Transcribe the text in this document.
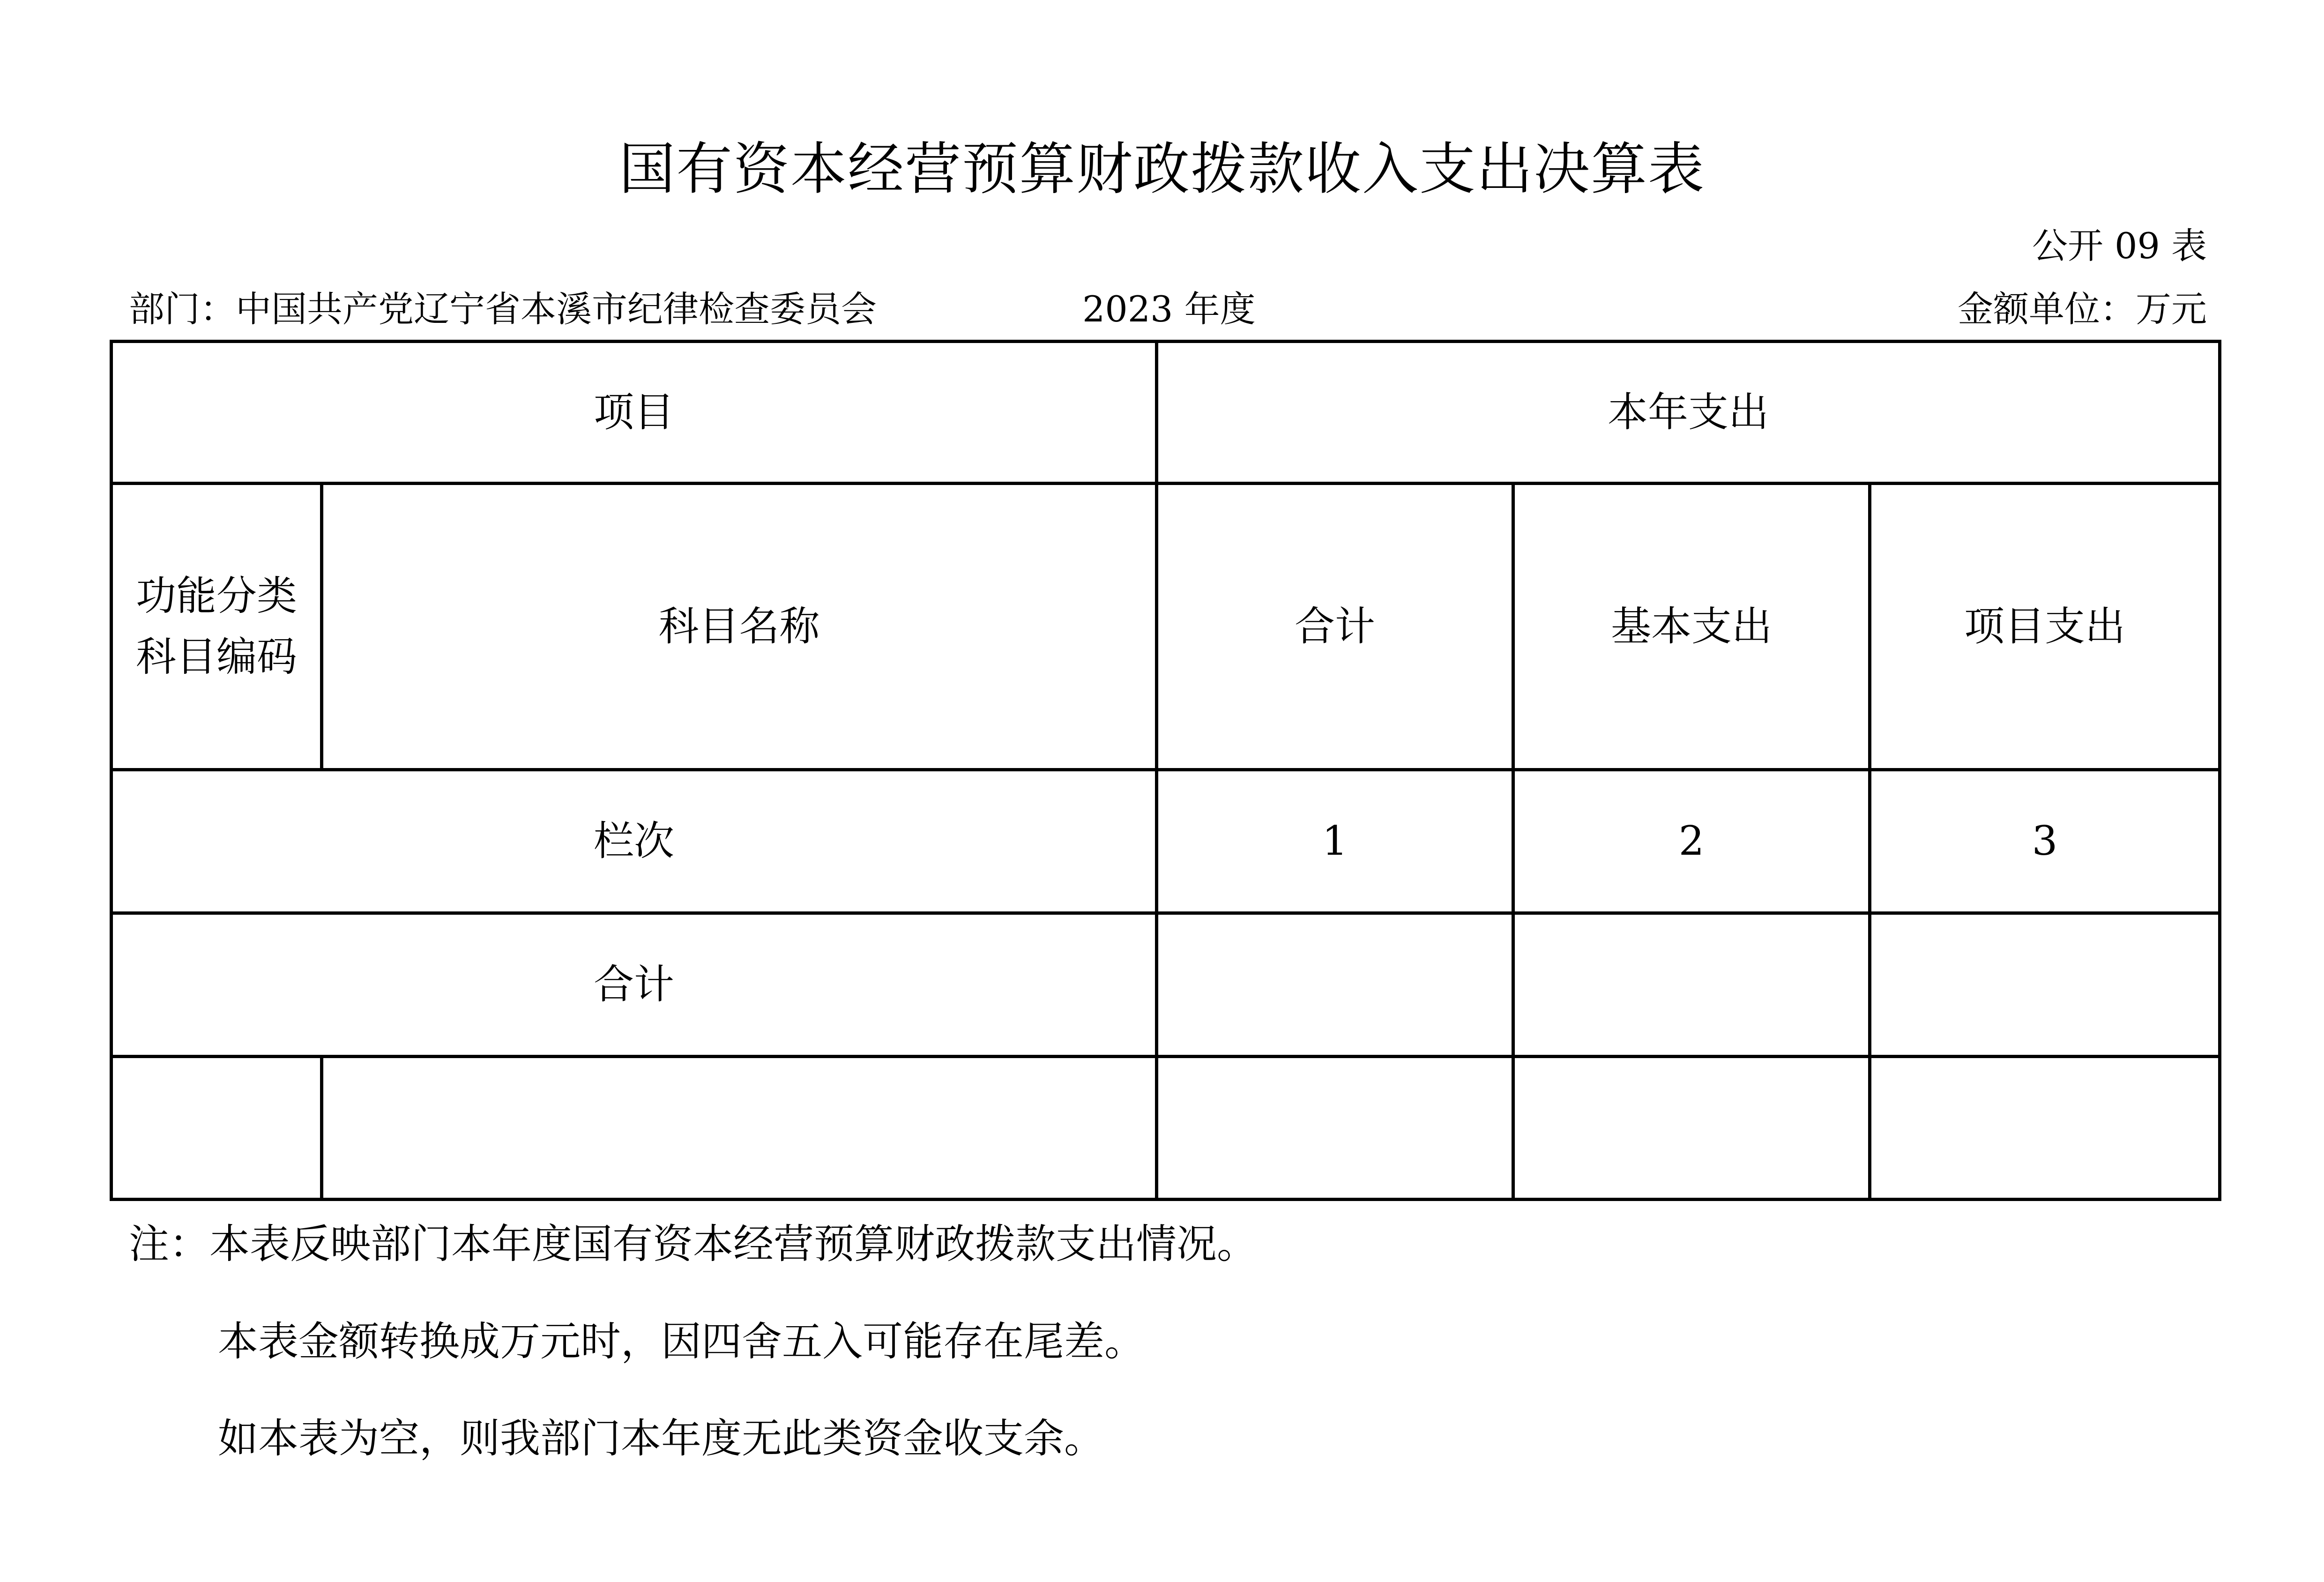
国有资本经营预算财政拨款收入支出决算表
公开 09 表
部门：中国共产党辽宁省本溪市纪律检查委员会	2023 年度	金额单位：万元
项目		本年支出		
功能分类科目编码	科目名称	合计	基本支出	项目支出
栏次		1	2	3
合计				

注：本表反映部门本年度国有资本经营预算财政拨款支出情况。
本表金额转换成万元时，因四舍五入可能存在尾差。
如本表为空，则我部门本年度无此类资金收支余。
